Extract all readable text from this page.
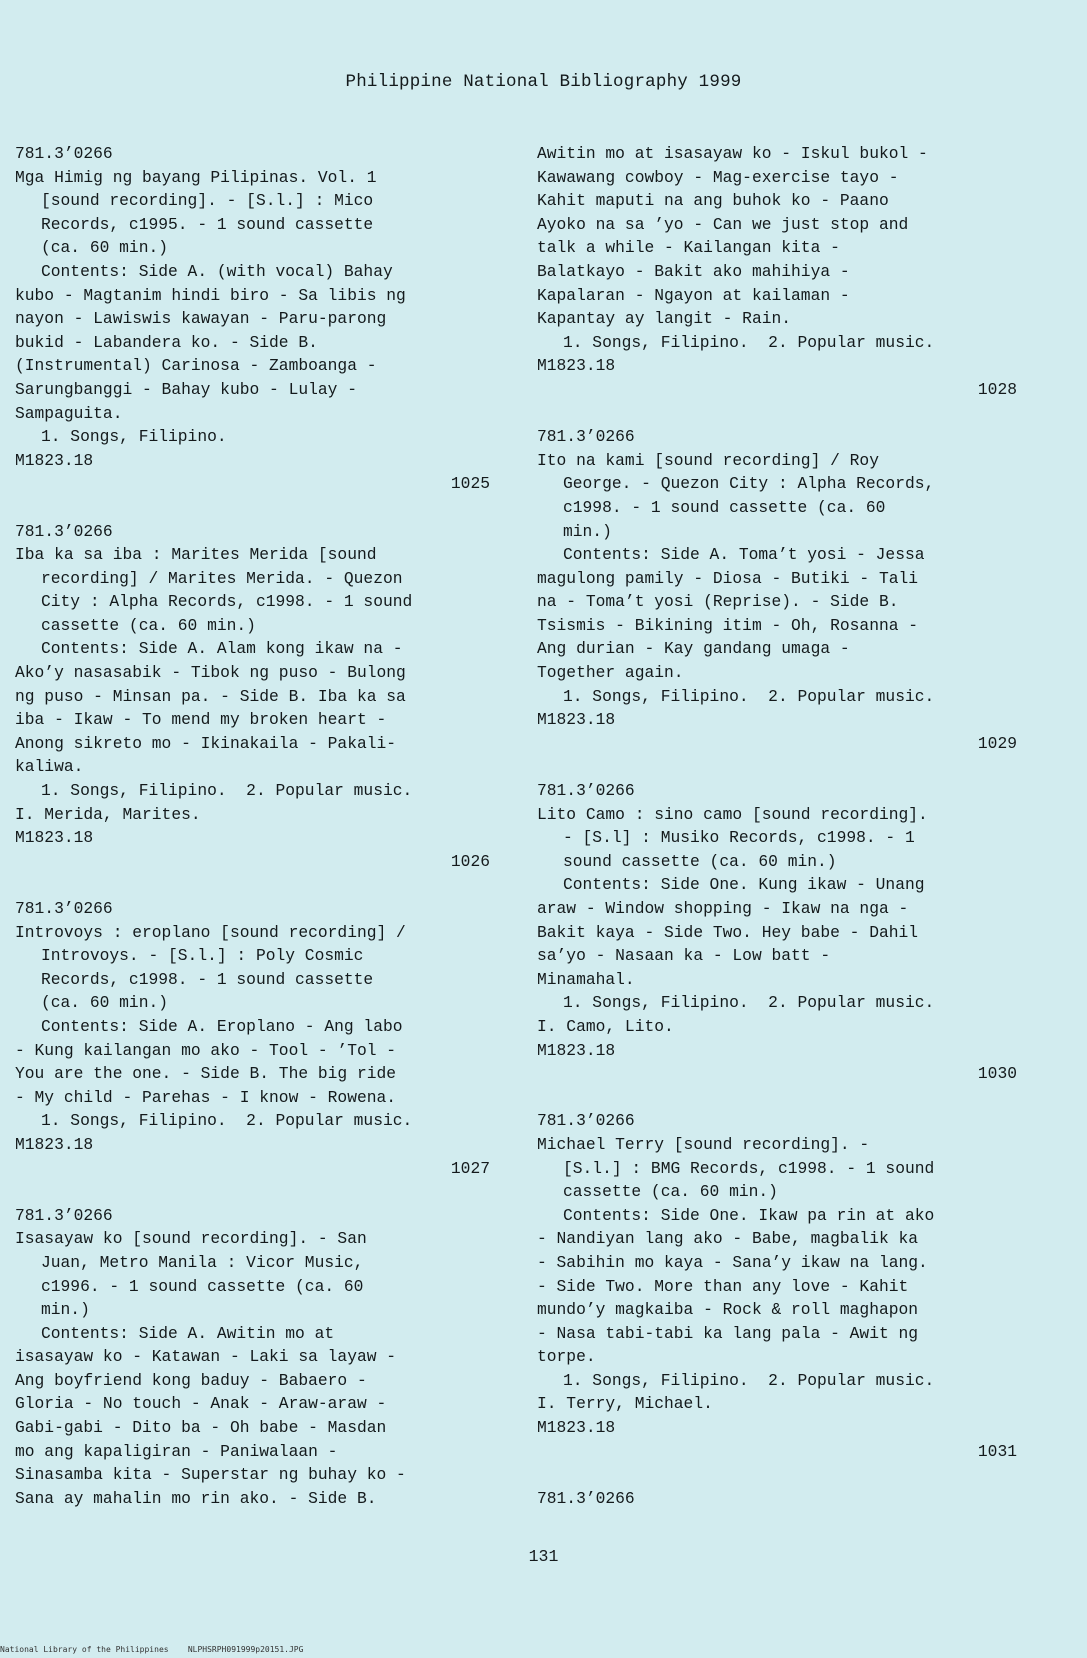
Philippine National Bibliography 1999
781.3’0266
Mga Himig ng bayang Pilipinas. Vol. 1
[sound recording]. - [S.l.] : Mico
Records, c1995. - 1 sound cassette
(ca. 60 min.)
Contents: Side A. (with vocal) Bahay
kubo - Magtanim hindi biro - Sa libis ng
nayon - Lawiswis kawayan - Paru-parong
bukid - Labandera ko. - Side B.
(Instrumental) Carinosa - Zamboanga -
Sarungbanggi - Bahay kubo - Lulay -
Sampaguita.
1. Songs, Filipino.
M1823.18
1025
781.3’0266
Iba ka sa iba : Marites Merida [sound
recording] / Marites Merida. - Quezon
City : Alpha Records, c1998. - 1 sound
cassette (ca. 60 min.)
Contents: Side A. Alam kong ikaw na -
Ako’y nasasabik - Tibok ng puso - Bulong
ng puso - Minsan pa. - Side B. Iba ka sa
iba - Ikaw - To mend my broken heart -
Anong sikreto mo - Ikinakaila - Pakali-
kaliwa.
1. Songs, Filipino.  2. Popular music.
I. Merida, Marites.
M1823.18
1026
781.3’0266
Introvoys : eroplano [sound recording] /
Introvoys. - [S.l.] : Poly Cosmic
Records, c1998. - 1 sound cassette
(ca. 60 min.)
Contents: Side A. Eroplano - Ang labo
- Kung kailangan mo ako - Tool - ’Tol -
You are the one. - Side B. The big ride
- My child - Parehas - I know - Rowena.
1. Songs, Filipino.  2. Popular music.
M1823.18
1027
781.3’0266
Isasayaw ko [sound recording]. - San
Juan, Metro Manila : Vicor Music,
c1996. - 1 sound cassette (ca. 60
min.)
Contents: Side A. Awitin mo at
isasayaw ko - Katawan - Laki sa layaw -
Ang boyfriend kong baduy - Babaero -
Gloria - No touch - Anak - Araw-araw -
Gabi-gabi - Dito ba - Oh babe - Masdan
mo ang kapaligiran - Paniwalaan -
Sinasamba kita - Superstar ng buhay ko -
Sana ay mahalin mo rin ako. - Side B.
Awitin mo at isasayaw ko - Iskul bukol -
Kawawang cowboy - Mag-exercise tayo -
Kahit maputi na ang buhok ko - Paano
Ayoko na sa ’yo - Can we just stop and
talk a while - Kailangan kita -
Balatkayo - Bakit ako mahihiya -
Kapalaran - Ngayon at kailaman -
Kapantay ay langit - Rain.
1. Songs, Filipino.  2. Popular music.
M1823.18
1028
781.3’0266
Ito na kami [sound recording] / Roy
George. - Quezon City : Alpha Records,
c1998. - 1 sound cassette (ca. 60
min.)
Contents: Side A. Toma’t yosi - Jessa
magulong pamily - Diosa - Butiki - Tali
na - Toma’t yosi (Reprise). - Side B.
Tsismis - Bikining itim - Oh, Rosanna -
Ang durian - Kay gandang umaga -
Together again.
1. Songs, Filipino.  2. Popular music.
M1823.18
1029
781.3’0266
Lito Camo : sino camo [sound recording].
- [S.l] : Musiko Records, c1998. - 1
sound cassette (ca. 60 min.)
Contents: Side One. Kung ikaw - Unang
araw - Window shopping - Ikaw na nga -
Bakit kaya - Side Two. Hey babe - Dahil
sa’yo - Nasaan ka - Low batt -
Minamahal.
1. Songs, Filipino.  2. Popular music.
I. Camo, Lito.
M1823.18
1030
781.3’0266
Michael Terry [sound recording]. -
[S.l.] : BMG Records, c1998. - 1 sound
cassette (ca. 60 min.)
Contents: Side One. Ikaw pa rin at ako
- Nandiyan lang ako - Babe, magbalik ka
- Sabihin mo kaya - Sana’y ikaw na lang.
- Side Two. More than any love - Kahit
mundo’y magkaiba - Rock & roll maghapon
- Nasa tabi-tabi ka lang pala - Awit ng
torpe.
1. Songs, Filipino.  2. Popular music.
I. Terry, Michael.
M1823.18
1031
781.3’0266
131
National Library of the Philippines    NLPHSRPH091999p20151.JPG
